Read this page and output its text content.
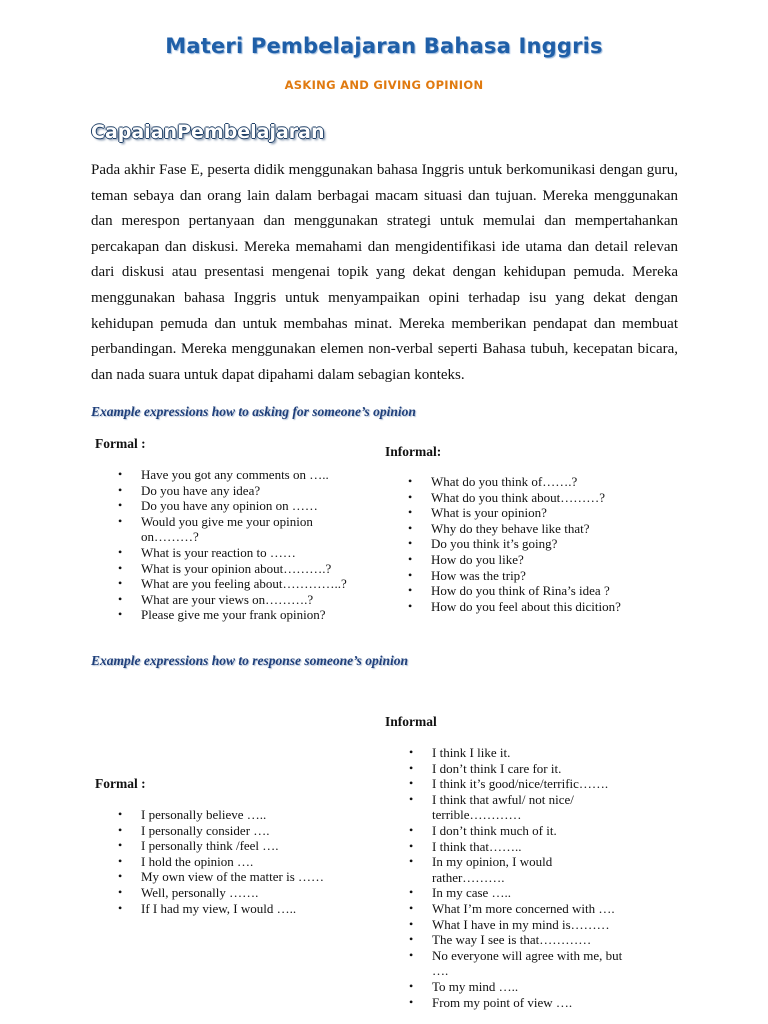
Materi Pembelajaran Bahasa Inggris
ASKING AND GIVING OPINION
CapaianPembelajaran

Pada akhir Fase E, peserta didik menggunakan bahasa Inggris untuk berkomunikasi dengan guru, teman sebaya dan orang lain dalam berbagai macam situasi dan tujuan. Mereka menggunakan dan merespon pertanyaan dan menggunakan strategi untuk memulai dan mempertahankan percakapan dan diskusi. Mereka memahami dan mengidentifikasi ide utama dan detail relevan dari diskusi atau presentasi mengenai topik yang dekat dengan kehidupan pemuda. Mereka menggunakan bahasa Inggris untuk menyampaikan opini terhadap isu yang dekat dengan kehidupan pemuda dan untuk membahas minat. Mereka memberikan pendapat dan membuat perbandingan. Mereka menggunakan elemen non-verbal seperti Bahasa tubuh, kecepatan bicara, dan nada suara untuk dapat dipahami dalam sebagian konteks.

Example expressions how to asking for someone’s opinion
Formal :
Informal:
• Have you got any comments on …..
• Do you have any idea?
• Do you have any opinion on ……
• Would you give me your opinion on………?
• What is your reaction to ……
• What is your opinion about……….?
• What are you feeling about…………..?
• What are your views on……….?
• Please give me your frank opinion?
• What do you think of…….?
• What do you think about………?
• What is your opinion?
• Why do they behave like that?
• Do you think it’s going?
• How do you like?
• How was the trip?
• How do you think of Rina’s idea ?
• How do you feel about this dicition?
Example expressions how to response someone’s opinion
Informal
Formal :
• I personally believe …..
• I personally consider ….
• I personally think /feel ….
• I hold the opinion ….
• My own view of the matter is ……
• Well, personally …….
• If I had my view, I would …..
• I think I like it.
• I don’t think I care for it.
• I think it’s good/nice/terrific…….
• I think that awful/ not nice/ terrible…………
• I don’t think much of it.
• I think that……..
• In my opinion, I would rather……….
• In my case …..
• What I’m more concerned with ….
• What I have in my mind is………
• The way I see is that…………
• No everyone will agree with me, but ….
• To my mind …..
• From my point of view ….
